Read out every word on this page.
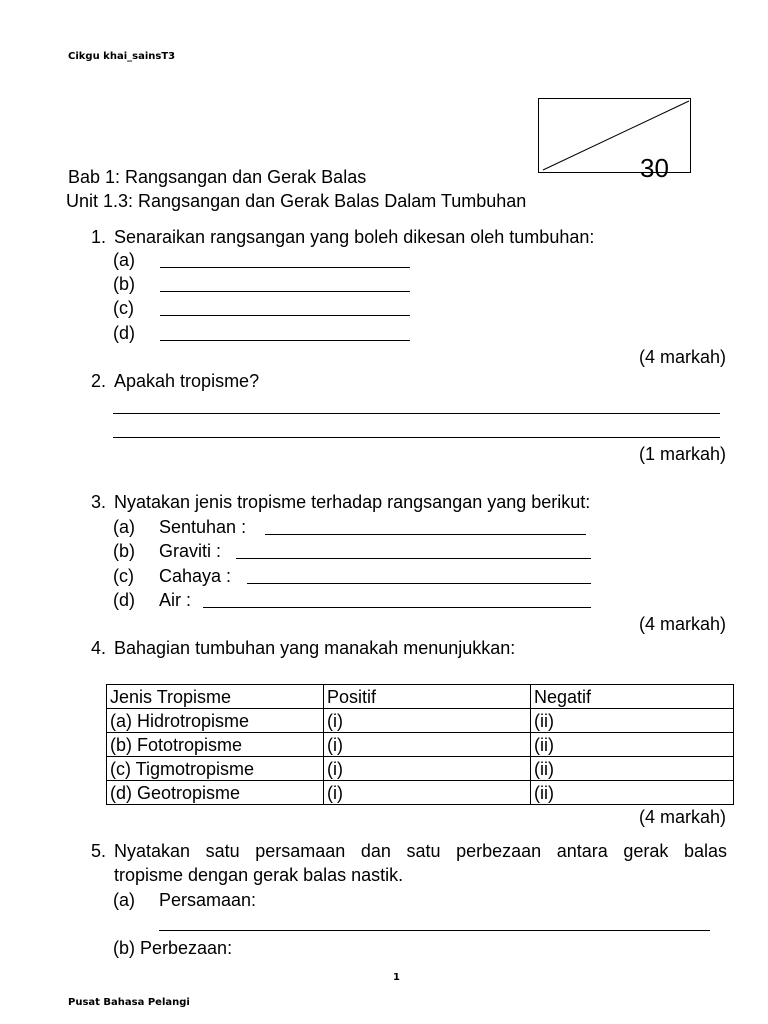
Cikgu khai_sainsT3
30
Bab 1: Rangsangan dan Gerak Balas
Unit 1.3: Rangsangan dan Gerak Balas Dalam Tumbuhan
1. Senaraikan rangsangan yang boleh dikesan oleh tumbuhan:
(a)
(b)
(c)
(d)
(4 markah)
2. Apakah tropisme?
(1 markah)
3. Nyatakan jenis tropisme terhadap rangsangan yang berikut:
(a) Sentuhan :
(b) Graviti :
(c) Cahaya :
(d) Air :
(4 markah)
4. Bahagian tumbuhan yang manakah menunjukkan:
Jenis Tropisme	Positif	Negatif
(a) Hidrotropisme	(i)	(ii)
(b) Fototropisme	(i)	(ii)
(c) Tigmotropisme	(i)	(ii)
(d) Geotropisme	(i)	(ii)
(4 markah)
5. Nyatakan satu persamaan dan satu perbezaan antara gerak balas
tropisme dengan gerak balas nastik.
(a) Persamaan:
(b) Perbezaan:
1
Pusat Bahasa Pelangi
